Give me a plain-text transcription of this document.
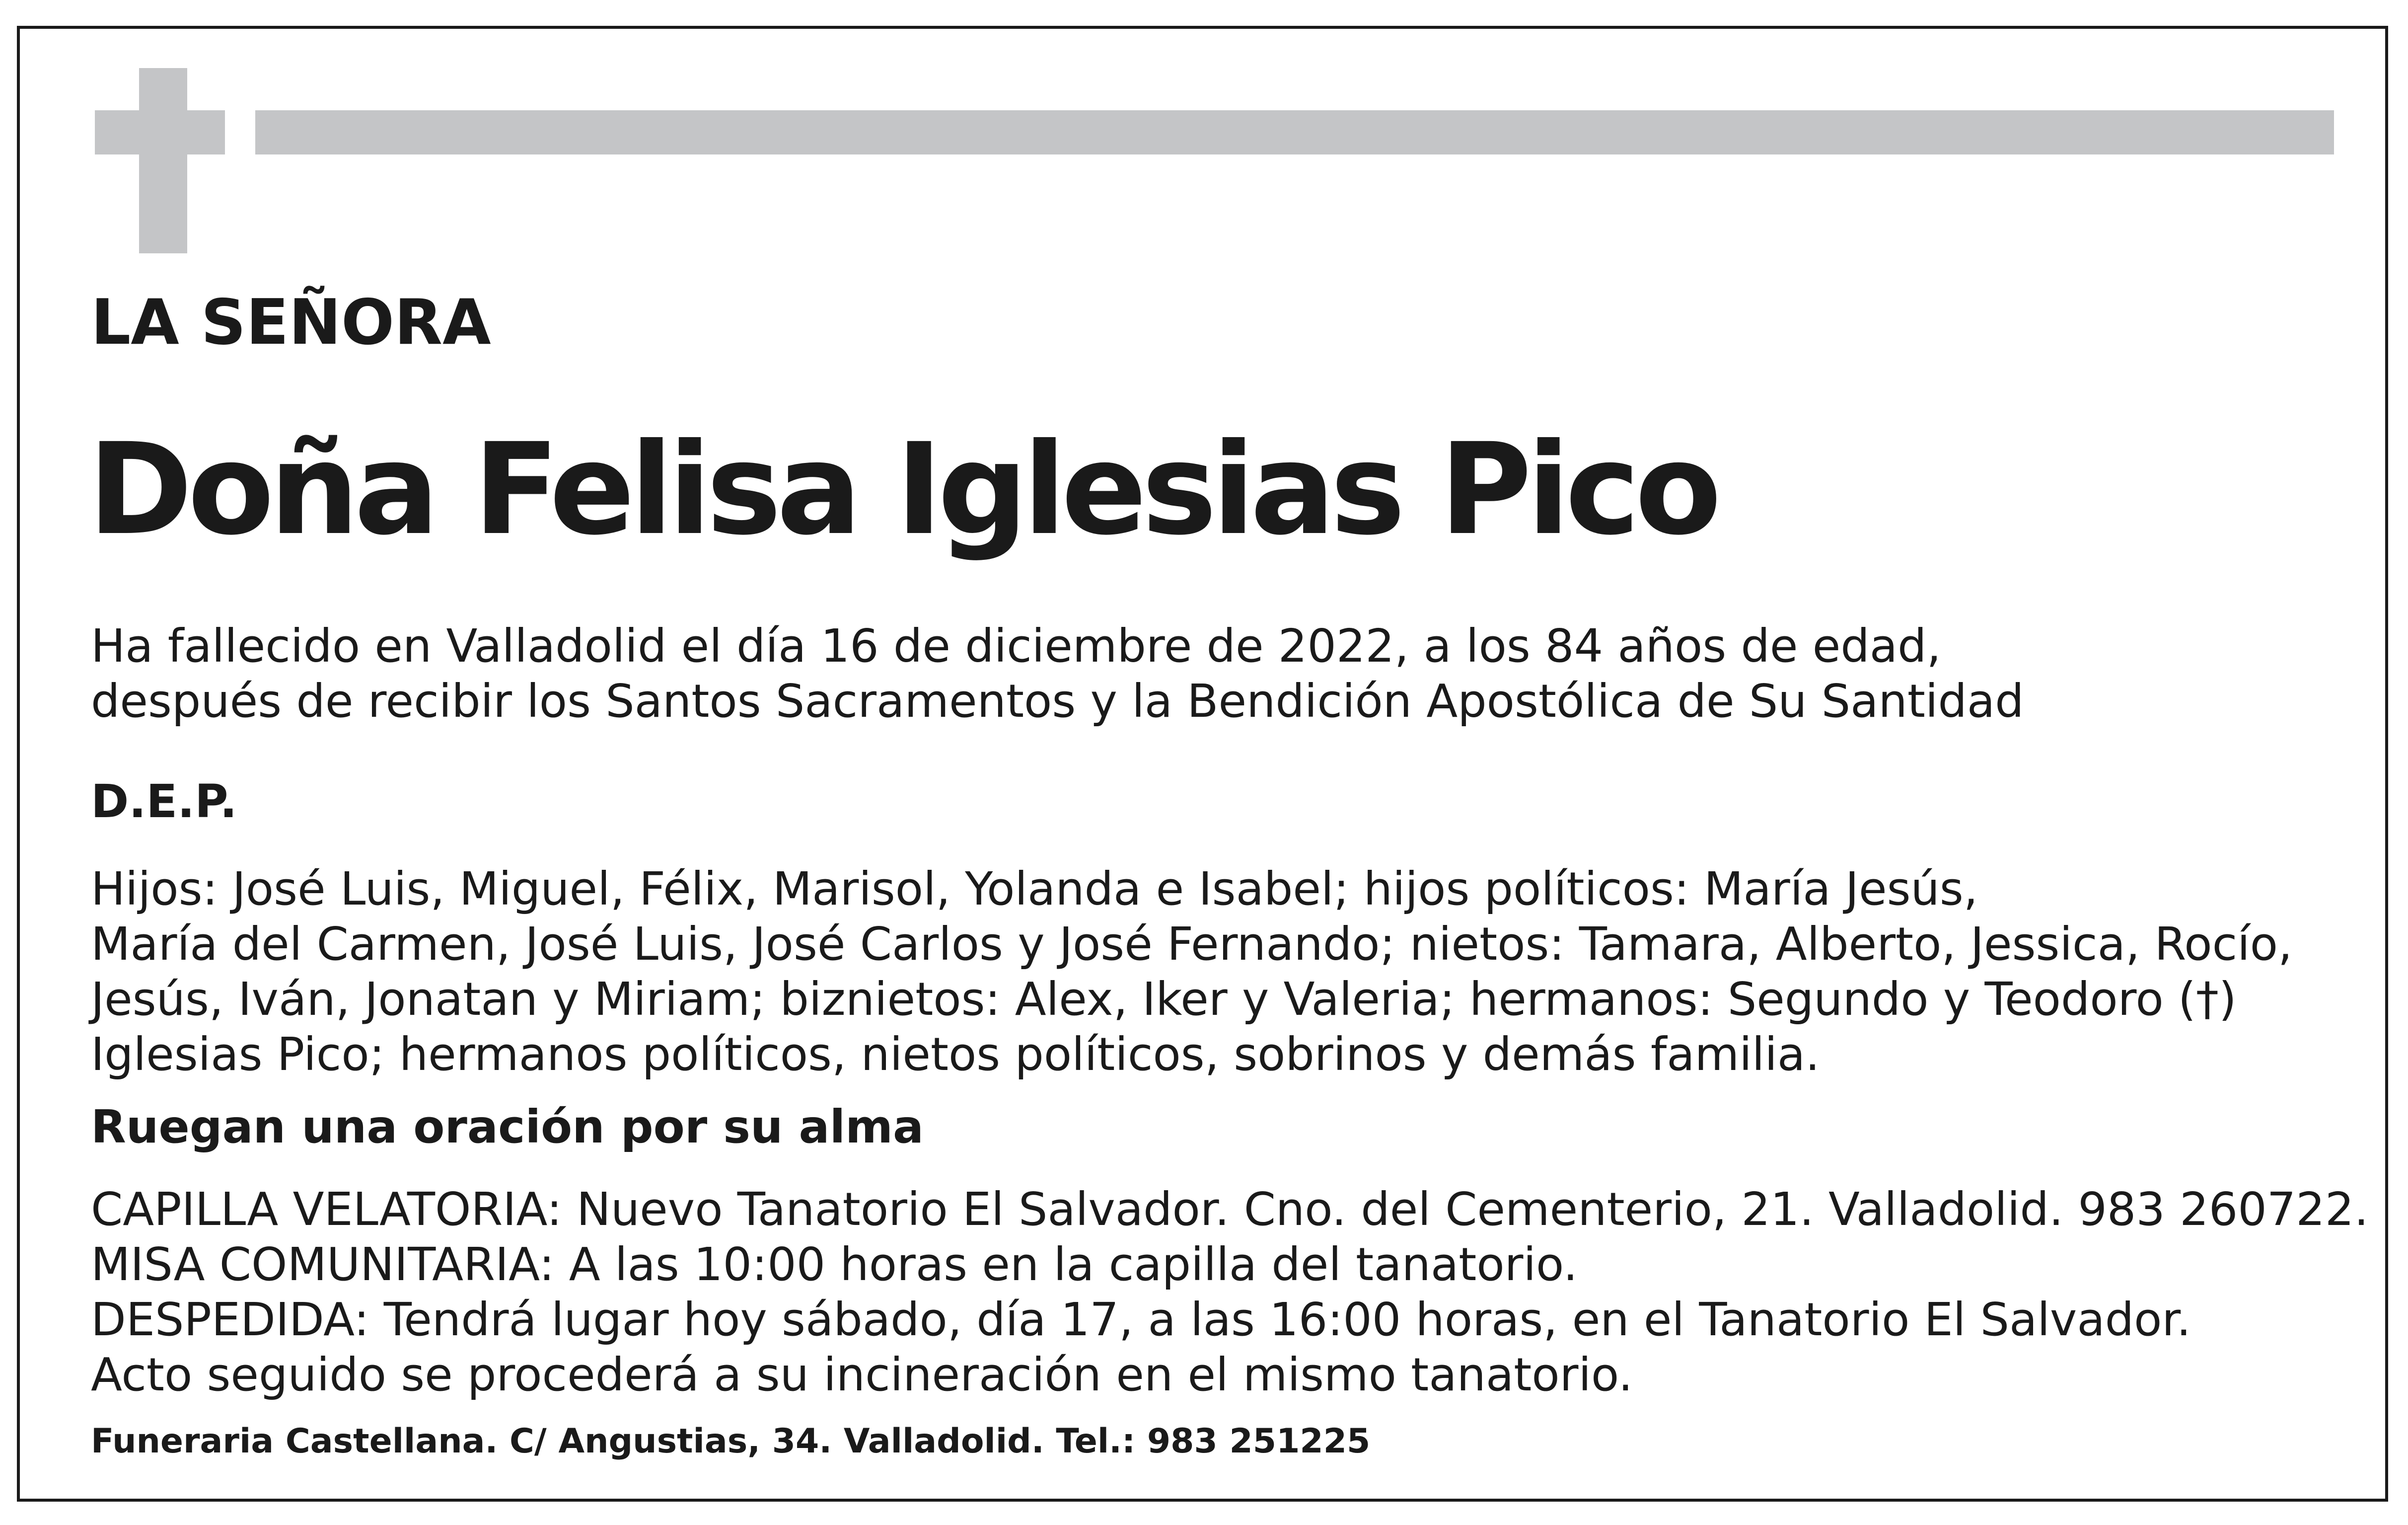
LA SEÑORA
Doña Felisa Iglesias Pico
Ha fallecido en Valladolid el día 16 de diciembre de 2022, a los 84 años de edad,
después de recibir los Santos Sacramentos y la Bendición Apostólica de Su Santidad
D.E.P.
Hijos: José Luis, Miguel, Félix, Marisol, Yolanda e Isabel; hijos políticos: María Jesús,
María del Carmen, José Luis, José Carlos y José Fernando; nietos: Tamara, Alberto, Jessica, Rocío,
Jesús, Iván, Jonatan y Miriam; biznietos: Alex, Iker y Valeria; hermanos: Segundo y Teodoro (†)
Iglesias Pico; hermanos políticos, nietos políticos, sobrinos y demás familia.
Ruegan una oración por su alma
CAPILLA VELATORIA: Nuevo Tanatorio El Salvador. Cno. del Cementerio, 21. Valladolid. 983 260722.
MISA COMUNITARIA: A las 10:00 horas en la capilla del tanatorio.
DESPEDIDA: Tendrá lugar hoy sábado, día 17, a las 16:00 horas, en el Tanatorio El Salvador.
Acto seguido se procederá a su incineración en el mismo tanatorio.
Funeraria Castellana. C/ Angustias, 34. Valladolid. Tel.: 983 251225
